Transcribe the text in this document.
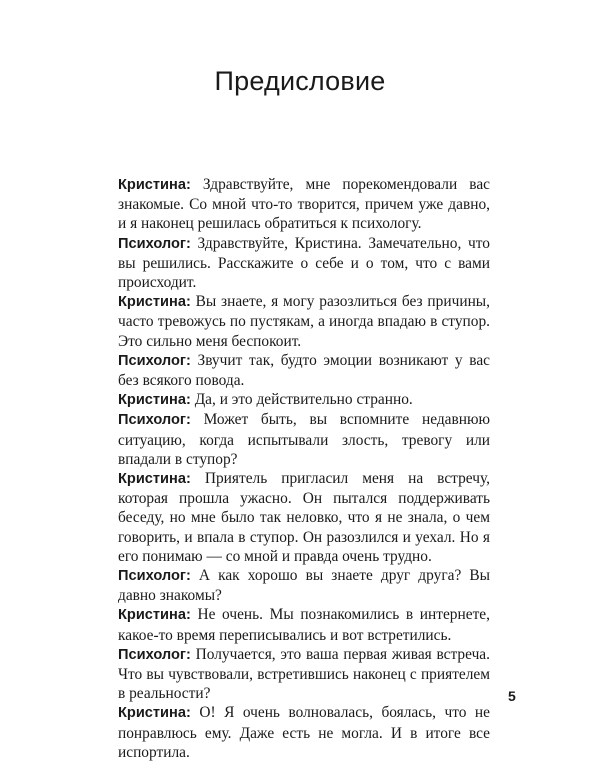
Предисловие

Кристина: Здравствуйте, мне порекомендовали вас знакомые. Со мной что-то творится, причем уже давно, и я наконец решилась обратиться к психологу.

Психолог: Здравствуйте, Кристина. Замечательно, что вы решились. Расскажите о себе и о том, что с вами происходит.

Кристина: Вы знаете, я могу разозлиться без причины, часто тревожусь по пустякам, а иногда впадаю в ступор. Это сильно меня беспокоит.

Психолог: Звучит так, будто эмоции возникают у вас без всякого повода.

Кристина: Да, и это действительно странно.

Психолог: Может быть, вы вспомните недавнюю ситуацию, когда испытывали злость, тревогу или впадали в ступор?

Кристина: Приятель пригласил меня на встречу, которая прошла ужасно. Он пытался поддерживать беседу, но мне было так неловко, что я не знала, о чем говорить, и впала в ступор. Он разозлился и уехал. Но я его понимаю — со мной и правда очень трудно.

Психолог: А как хорошо вы знаете друг друга? Вы давно знакомы?

Кристина: Не очень. Мы познакомились в интернете, какое-то время переписывались и вот встретились.

Психолог: Получается, это ваша первая живая встреча. Что вы чувствовали, встретившись наконец с приятелем в реальности?

Кристина: О! Я очень волновалась, боялась, что не понравлюсь ему. Даже есть не могла. И в итоге все испортила.

5
